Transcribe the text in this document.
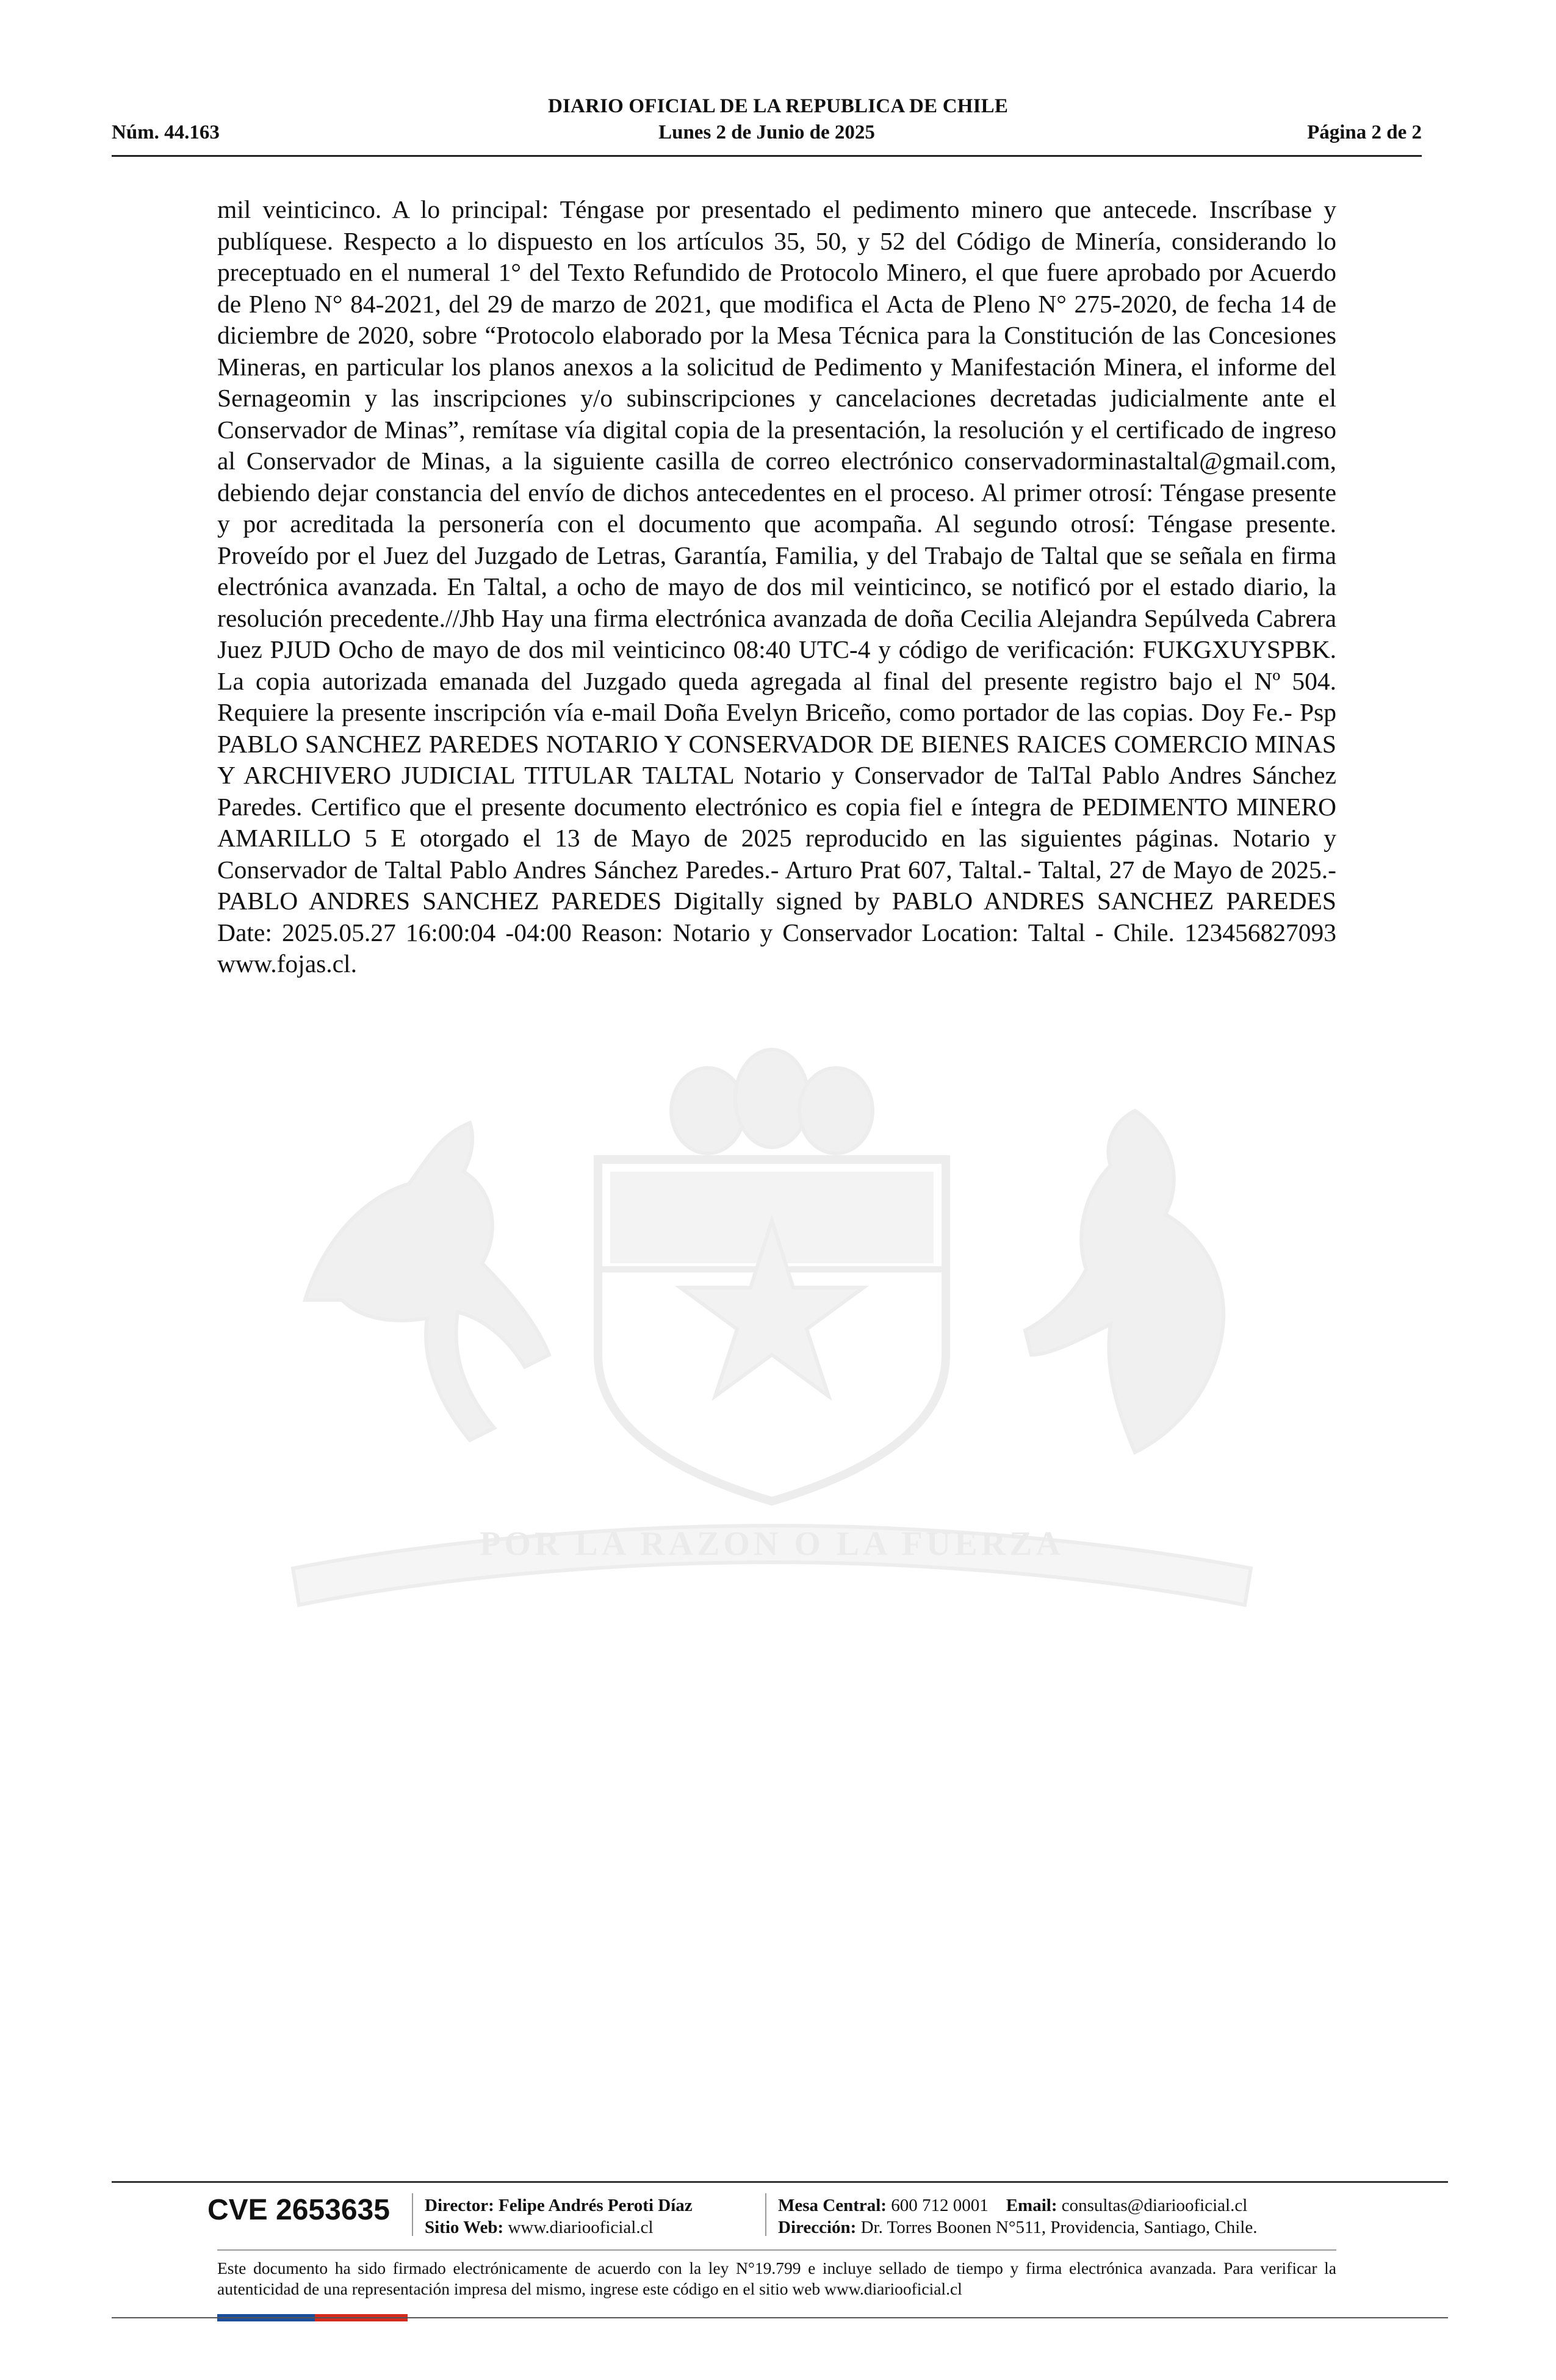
DIARIO OFICIAL DE LA REPUBLICA DE CHILE
Núm. 44.163	Lunes 2 de Junio de 2025	Página 2 de 2
POR LA RAZON O LA FUERZA
mil veinticinco. A lo principal: Téngase por presentado el pedimento minero que antecede. Inscríbase y publíquese. Respecto a lo dispuesto en los artículos 35, 50, y 52 del Código de Minería, considerando lo preceptuado en el numeral 1° del Texto Refundido de Protocolo Minero, el que fuere aprobado por Acuerdo de Pleno N° 84-2021, del 29 de marzo de 2021, que modifica el Acta de Pleno N° 275-2020, de fecha 14 de diciembre de 2020, sobre “Protocolo elaborado por la Mesa Técnica para la Constitución de las Concesiones Mineras, en particular los planos anexos a la solicitud de Pedimento y Manifestación Minera, el informe del Sernageomin y las inscripciones y/o subinscripciones y cancelaciones decretadas judicialmente ante el Conservador de Minas”, remítase vía digital copia de la presentación, la resolución y el certificado de ingreso al Conservador de Minas, a la siguiente casilla de correo electrónico conservadorminastaltal@gmail.com, debiendo dejar constancia del envío de dichos antecedentes en el proceso. Al primer otrosí: Téngase presente y por acreditada la personería con el documento que acompaña. Al segundo otrosí: Téngase presente. Proveído por el Juez del Juzgado de Letras, Garantía, Familia, y del Trabajo de Taltal que se señala en firma electrónica avanzada. En Taltal, a ocho de mayo de dos mil veinticinco, se notificó por el estado diario, la resolución precedente.//Jhb Hay una firma electrónica avanzada de doña Cecilia Alejandra Sepúlveda Cabrera Juez PJUD Ocho de mayo de dos mil veinticinco 08:40 UTC-4 y código de verificación: FUKGXUYSPBK. La copia autorizada emanada del Juzgado queda agregada al final del presente registro bajo el Nº 504. Requiere la presente inscripción vía e-mail Doña Evelyn Briceño, como portador de las copias. Doy Fe.- Psp PABLO SANCHEZ PAREDES NOTARIO Y CONSERVADOR DE BIENES RAICES COMERCIO MINAS Y ARCHIVERO JUDICIAL TITULAR TALTAL Notario y Conservador de TalTal Pablo Andres Sánchez Paredes. Certifico que el presente documento electrónico es copia fiel e íntegra de PEDIMENTO MINERO AMARILLO 5 E otorgado el 13 de Mayo de 2025 reproducido en las siguientes páginas. Notario y Conservador de Taltal Pablo Andres Sánchez Paredes.- Arturo Prat 607, Taltal.- Taltal, 27 de Mayo de 2025.- PABLO ANDRES SANCHEZ PAREDES Digitally signed by PABLO ANDRES SANCHEZ PAREDES Date: 2025.05.27 16:00:04 -04:00 Reason: Notario y Conservador Location: Taltal - Chile. 123456827093 www.fojas.cl.
CVE 2653635 Director: Felipe Andrés Peroti Díaz
Sitio Web: www.diariooficial.cl
Mesa Central: 600 712 0001 Email: consultas@diariooficial.cl
Dirección: Dr. Torres Boonen N°511, Providencia, Santiago, Chile.
Este documento ha sido firmado electrónicamente de acuerdo con la ley N°19.799 e incluye sellado de tiempo y firma electrónica avanzada. Para verificar la autenticidad de una representación impresa del mismo, ingrese este código en el sitio web www.diariooficial.cl
